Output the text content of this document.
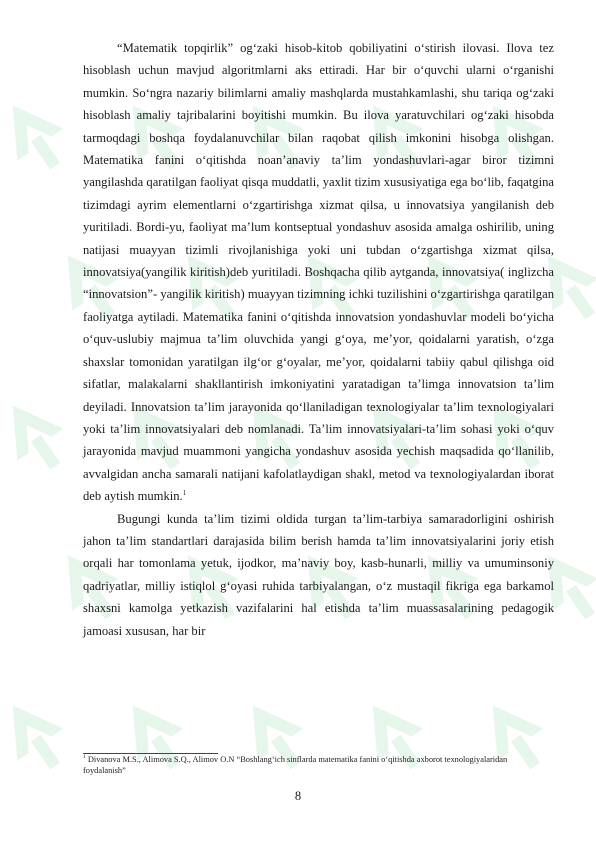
“Matematik topqirlik” og‘zaki hisob-kitob qobiliyatini o‘stirish ilovasi. Ilova tez hisoblash uchun mavjud algoritmlarni aks ettiradi. Har bir o‘quvchi ularni o‘rganishi mumkin. So‘ngra nazariy bilimlarni amaliy mashqlarda mustahkamlashi, shu tariqa og‘zaki hisoblash amaliy tajribalarini boyitishi mumkin. Bu ilova yaratuvchilari og‘zaki hisobda tarmoqdagi boshqa foydalanuvchilar bilan raqobat qilish imkonini hisobga olishgan. Matematika fanini o‘qitishda noan’anaviy ta’lim yondashuvlari-agar biror tizimni yangilashda qaratilgan faoliyat qisqa muddatli, yaxlit tizim xususiyatiga ega bo‘lib, faqatgina tizimdagi ayrim elementlarni o‘zgartirishga xizmat qilsa, u innovatsiya yangilanish deb yuritiladi. Bordi-yu, faoliyat ma’lum kontseptual yondashuv asosida amalga oshirilib, uning natijasi muayyan tizimli rivojlanishiga yoki uni tubdan o‘zgartishga xizmat qilsa, innovatsiya(yangilik kiritish)deb yuritiladi. Boshqacha qilib aytganda, innovatsiya( inglizcha “innovatsion”- yangilik kiritish) muayyan tizimning ichki tuzilishini o‘zgartirishga qaratilgan faoliyatga aytiladi. Matematika fanini o‘qitishda innovatsion yondashuvlar modeli bo‘yicha o‘quv-uslubiy majmua ta’lim oluvchida yangi g‘oya, me’yor, qoidalarni yaratish, o‘zga shaxslar tomonidan yaratilgan ilg‘or g‘oyalar, me’yor, qoidalarni tabiiy qabul qilishga oid sifatlar, malakalarni shakllantirish imkoniyatini yaratadigan ta’limga innovatsion ta’lim deyiladi. Innovatsion ta’lim jarayonida qo‘llaniladigan texnologiyalar ta’lim texnologiyalari yoki ta’lim innovatsiyalari deb nomlanadi. Ta’lim innovatsiyalari-ta’lim sohasi yoki o‘quv jarayonida mavjud muammoni yangicha yondashuv asosida yechish maqsadida qo‘llanilib, avvalgidan ancha samarali natijani kafolatlaydigan shakl, metod va texnologiyalardan iborat deb aytish mumkin.$^1$

Bugungi kunda ta’lim tizimi oldida turgan ta’lim-tarbiya samaradorligini oshirish jahon ta’lim standartlari darajasida bilim berish hamda ta’lim innovatsiyalarini joriy etish orqali har tomonlama yetuk, ijodkor, ma’naviy boy, kasb-hunarli, milliy va umuminsoniy qadriyatlar, milliy istiqlol g‘oyasi ruhida tarbiyalangan, o‘z mustaqil fikriga ega barkamol shaxsni kamolga yetkazish vazifalarini hal etishda ta’lim muassasalarining pedagogik jamoasi xususan, har bir

$^1$ Divanova M.S., Alimova S.Q., Alimov O.N “Boshlang‘ich sinflarda matematika fanini o‘qitishda axborot texnologiyalaridan foydalanish”
8
